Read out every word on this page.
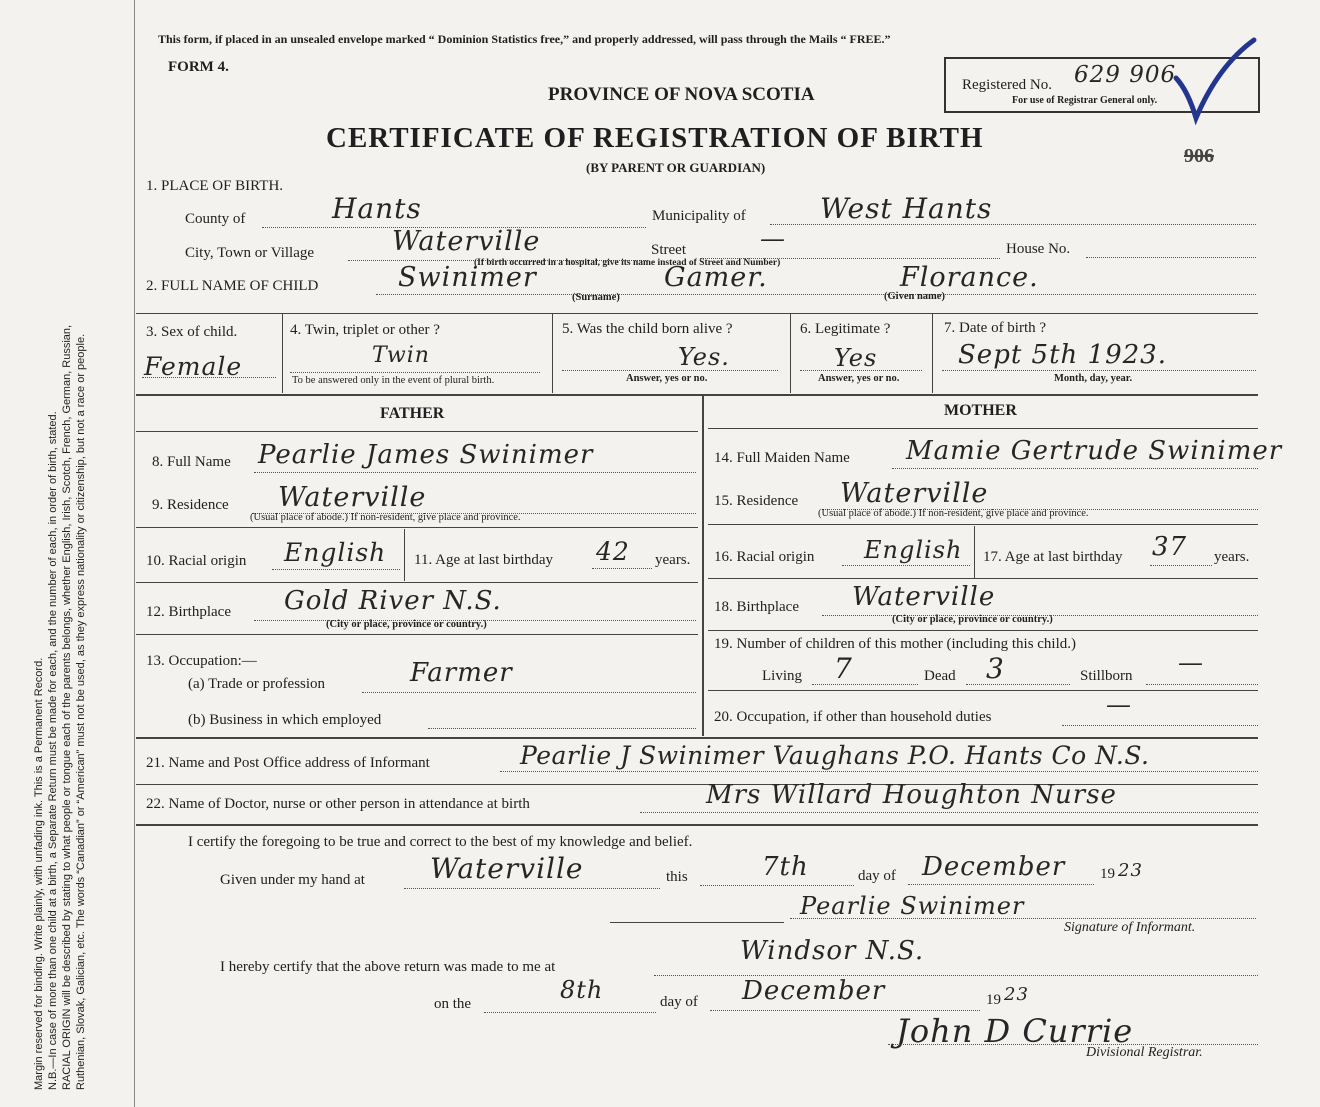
Margin reserved for binding. Write plainly, with unfading ink. This is a Permanent Record. N.B.—In case of more than one child at a birth, a Separate Return must be made for each, and the number of each, in order of birth, stated. RACIAL ORIGIN will be described by stating to what people or tongue each of the parents belongs, whether English, Irish, Scotch, French, German, Russian, Ruthenian, Slovak, Galician, etc. The words “Canadian” or “American” must not be used, as they express nationality or citizenship, but not a race or people.
This form, if placed in an unsealed envelope marked “ Dominion Statistics free,” and properly addressed, will pass through the Mails “ FREE.”
FORM 4.
PROVINCE OF NOVA SCOTIA
CERTIFICATE OF REGISTRATION OF BIRTH
(BY PARENT OR GUARDIAN)
Registered No. 629 906
For use of Registrar General only.
906
1. PLACE OF BIRTH.
County of	Hants	Municipality of	West Hants
City, Town or Village	Waterville	Street	—	House No.
(If birth occurred in a hospital, give its name instead of Street and Number)
2. FULL NAME OF CHILD	Swinimer	Gamer.	Florance.
(Surname)	(Given name)
3. Sex of child.
Female
4. Twin, triplet or other ?
Twin
To be answered only in the event of plural birth.
5. Was the child born alive ?
Yes.
Answer, yes or no.
6. Legitimate ?
Yes
Answer, yes or no.
7. Date of birth ?
Sept 5th 1923.
Month, day, year.
FATHER	MOTHER
8. Full Name Pearlie James Swinimer
9. Residence Waterville
(Usual place of abode.) If non-resident, give place and province.
10. Racial origin English 11. Age at last birthday 42 years.
12. Birthplace Gold River N.S.
(City or place, province or country.)
13. Occupation:—
(a) Trade or profession	Farmer
(b) Business in which employed
14. Full Maiden Name Mamie Gertrude Swinimer
15. Residence Waterville
(Usual place of abode.) If non-resident, give place and province.
16. Racial origin English 17. Age at last birthday 37 years.
18. Birthplace Waterville
(City or place, province or country.)
19. Number of children of this mother (including this child.)
Living 7	Dead 3	Stillborn —
20. Occupation, if other than household duties	—
21. Name and Post Office address of Informant	Pearlie J Swinimer Vaughans P.O. Hants Co N.S.
22. Name of Doctor, nurse or other person in attendance at birth	Mrs Willard Houghton Nurse
I certify the foregoing to be true and correct to the best of my knowledge and belief.
Given under my hand at Waterville	this	7th	day of December 19 23
Pearlie Swinimer
Signature of Informant.
I hereby certify that the above return was made to me at
Windsor N.S.
on the	8th	day of December	19 23
John D Currie
Divisional Registrar.
